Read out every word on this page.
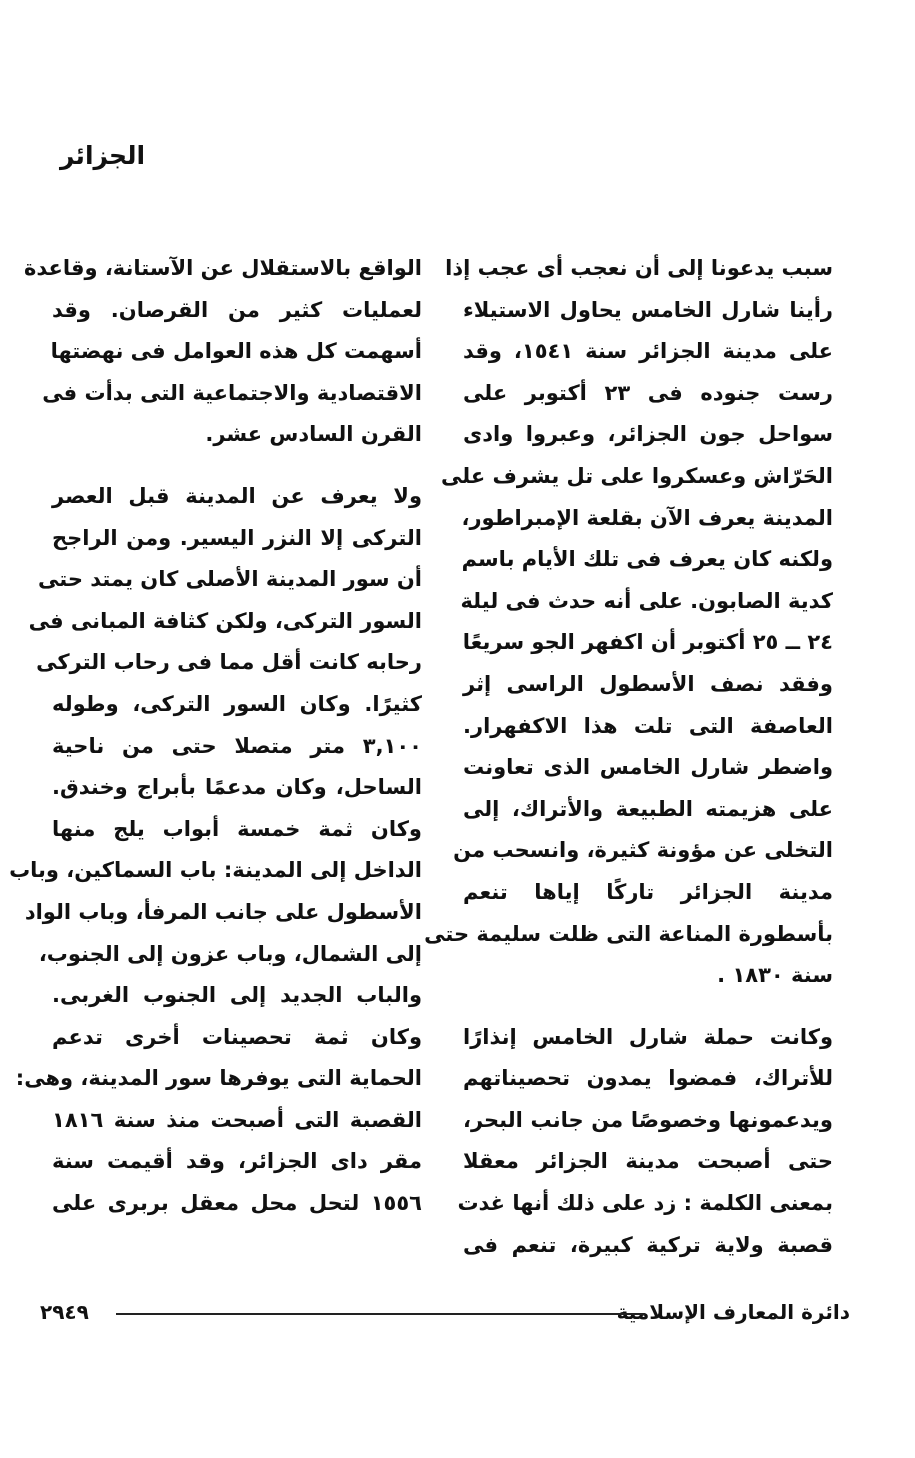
الجزائر
سبب يدعونا إلى أن نعجب أى عجب إذا
رأينا شارل الخامس يحاول الاستيلاء
على مدينة الجزائر سنة ١٥٤١، وقد
رست جنوده فى ٢٣ أكتوبر على
سواحل جون الجزائر، وعبروا وادى
الحَرّاش وعسكروا على تل يشرف على
المدينة يعرف الآن بقلعة الإمبراطور،
ولكنه كان يعرف فى تلك الأيام باسم
كدية الصابون. على أنه حدث فى ليلة
٢٤ ــ ٢٥ أكتوبر أن اكفهر الجو سريعًا
وفقد نصف الأسطول الراسى إثر
العاصفة التى تلت هذا الاكفهرار.
واضطر شارل الخامس الذى تعاونت
على هزيمته الطبيعة والأتراك، إلى
التخلى عن مؤونة كثيرة، وانسحب من
مدينة الجزائر تاركًا إياها تنعم
بأسطورة المناعة التى ظلت سليمة حتى
سنة ١٨٣٠ .
وكانت حملة شارل الخامس إنذارًا
للأتراك، فمضوا يمدون تحصيناتهم
ويدعمونها وخصوصًا من جانب البحر،
حتى أصبحت مدينة الجزائر معقلا
بمعنى الكلمة : زد على ذلك أنها غدت
قصبة ولاية تركية كبيرة، تنعم فى
الواقع بالاستقلال عن الآستانة، وقاعدة
لعمليات كثير من القرصان. وقد
أسهمت كل هذه العوامل فى نهضتها
الاقتصادية والاجتماعية التى بدأت فى
القرن السادس عشر.
ولا يعرف عن المدينة قبل العصر
التركى إلا النزر اليسير. ومن الراجح
أن سور المدينة الأصلى كان يمتد حتى
السور التركى، ولكن كثافة المبانى فى
رحابه كانت أقل مما فى رحاب التركى
كثيرًا. وكان السور التركى، وطوله
٣,١٠٠ متر متصلا حتى من ناحية
الساحل، وكان مدعمًا بأبراج وخندق.
وكان ثمة خمسة أبواب يلج منها
الداخل إلى المدينة: باب السماكين، وباب
الأسطول على جانب المرفأ، وباب الواد
إلى الشمال، وباب عزون إلى الجنوب،
والباب الجديد إلى الجنوب الغربى.
وكان ثمة تحصينات أخرى تدعم
الحماية التى يوفرها سور المدينة، وهى:
القصبة التى أصبحت منذ سنة ١٨١٦
مقر داى الجزائر، وقد أقيمت سنة
١٥٥٦ لتحل محل معقل بربرى على
دائرة المعارف الإسلامية
٢٩٤٩
